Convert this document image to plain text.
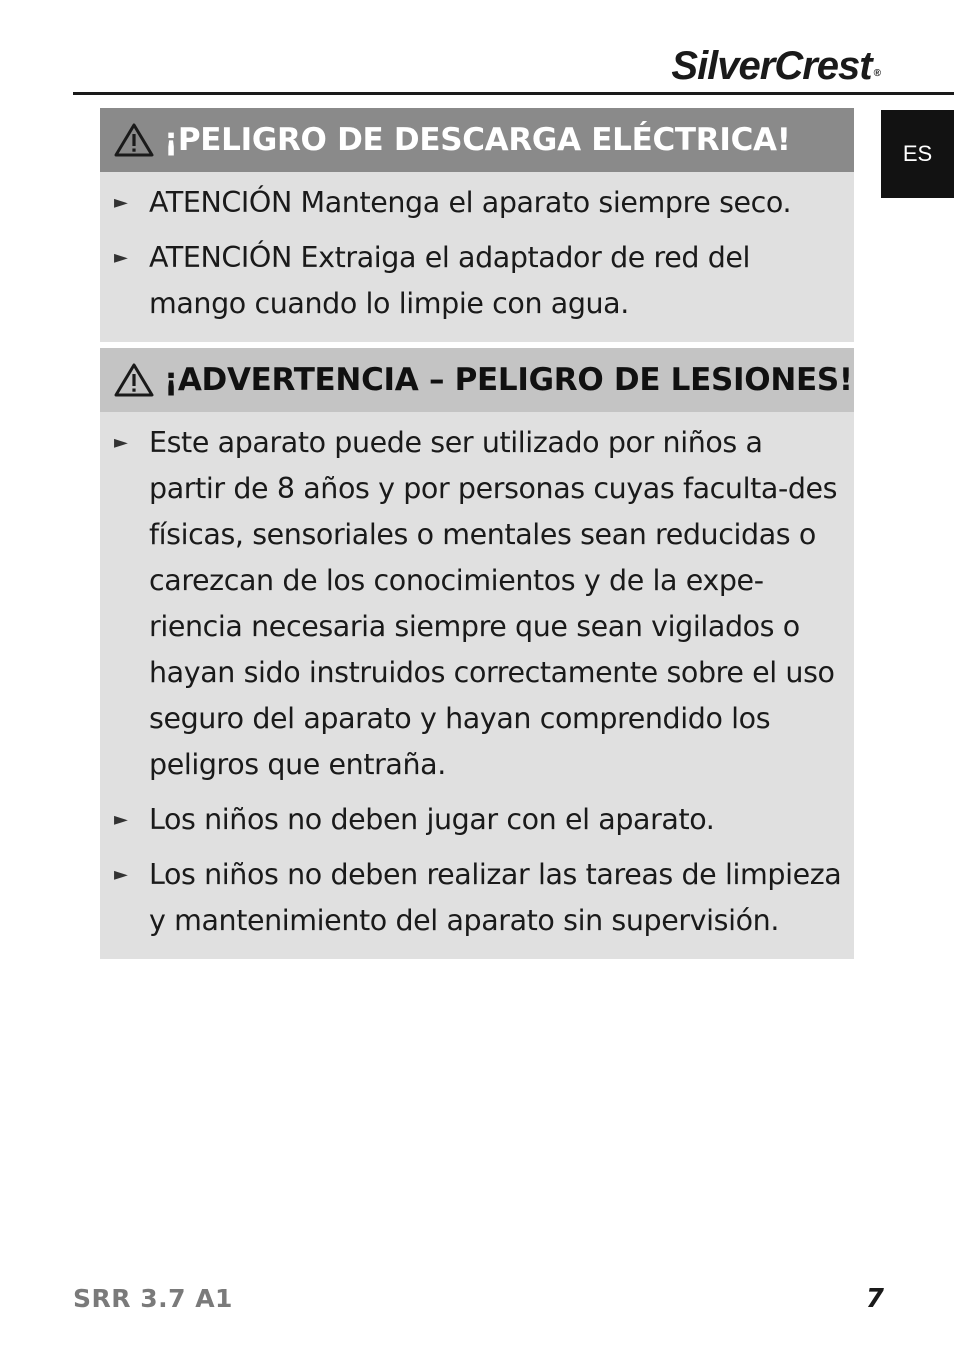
SilverCrest ®
ES
¡PELIGRO DE DESCARGA ELÉCTRICA!
► ATENCIÓN Mantenga el aparato siempre seco.
► ATENCIÓN Extraiga el adaptador de red del mango cuando lo limpie con agua.
¡ADVERTENCIA – PELIGRO DE LESIONES!
► Este aparato puede ser utilizado por niños a partir de 8 años y por personas cuyas faculta-des físicas, sensoriales o mentales sean reducidas o carezcan de los conocimientos y de la expe-riencia necesaria siempre que sean vigilados o hayan sido instruidos correctamente sobre el uso seguro del aparato y hayan comprendido los peligros que entraña.
► Los niños no deben jugar con el aparato.
► Los niños no deben realizar las tareas de limpieza y mantenimiento del aparato sin supervisión.
SRR 3.7 A1	7
